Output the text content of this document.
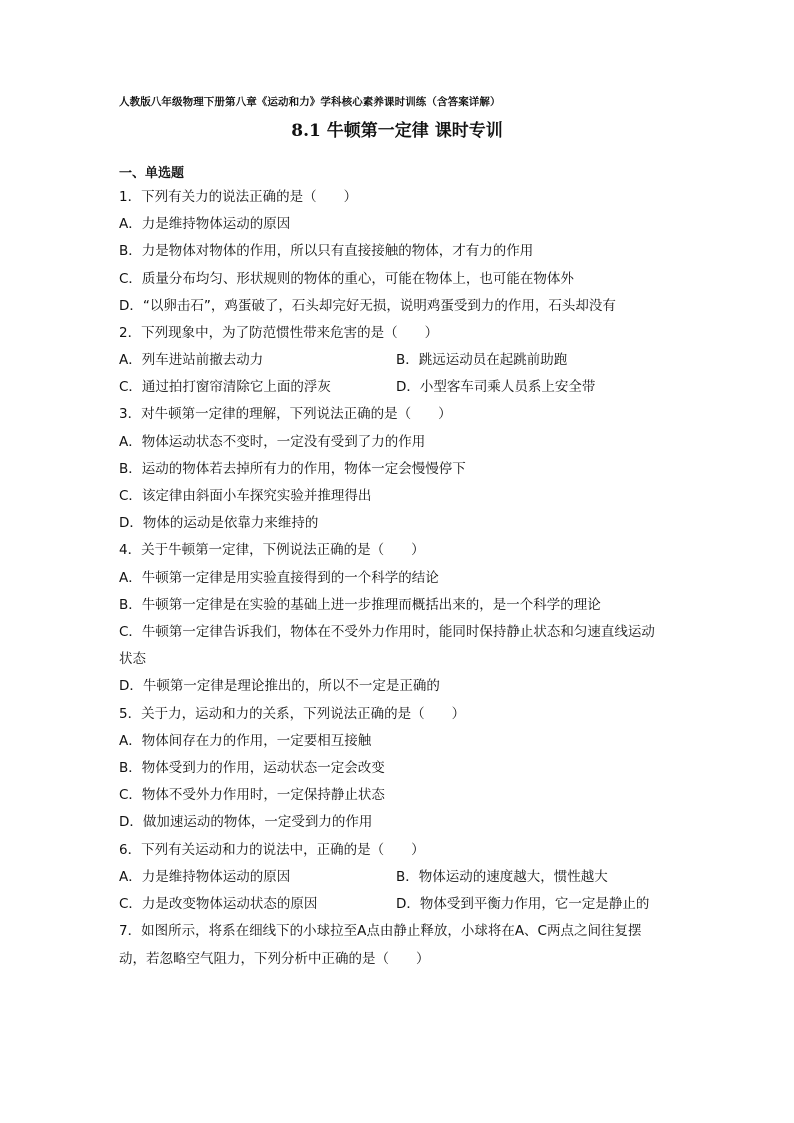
人教版八年级物理下册第八章《运动和力》学科核心素养课时训练（含答案详解）
8.1 牛顿第一定律 课时专训
一、单选题
1．下列有关力的说法正确的是（　　）
A．力是维持物体运动的原因
B．力是物体对物体的作用，所以只有直接接触的物体，才有力的作用
C．质量分布均匀、形状规则的物体的重心，可能在物体上，也可能在物体外
D．“以卵击石”，鸡蛋破了，石头却完好无损，说明鸡蛋受到力的作用，石头却没有
2．下列现象中，为了防范惯性带来危害的是（　　）
A．列车进站前撤去动力	B．跳远运动员在起跳前助跑
C．通过拍打窗帘清除它上面的浮灰	D．小型客车司乘人员系上安全带
3．对牛顿第一定律的理解，下列说法正确的是（　　）
A．物体运动状态不变时，一定没有受到了力的作用
B．运动的物体若去掉所有力的作用，物体一定会慢慢停下
C．该定律由斜面小车探究实验并推理得出
D．物体的运动是依靠力来维持的
4．关于牛顿第一定律，下例说法正确的是（　　）
A．牛顿第一定律是用实验直接得到的一个科学的结论
B．牛顿第一定律是在实验的基础上进一步推理而概括出来的，是一个科学的理论
C．牛顿第一定律告诉我们，物体在不受外力作用时，能同时保持静止状态和匀速直线运动
状态
D．牛顿第一定律是理论推出的，所以不一定是正确的
5．关于力，运动和力的关系，下列说法正确的是（　　）
A．物体间存在力的作用，一定要相互接触
B．物体受到力的作用，运动状态一定会改变
C．物体不受外力作用时，一定保持静止状态
D．做加速运动的物体，一定受到力的作用
6．下列有关运动和力的说法中，正确的是（　　）
A．力是维持物体运动的原因	B．物体运动的速度越大，惯性越大
C．力是改变物体运动状态的原因	D．物体受到平衡力作用，它一定是静止的
7．如图所示，将系在细线下的小球拉至A点由静止释放，小球将在A、C两点之间往复摆
动，若忽略空气阻力，下列分析中正确的是（　　）
